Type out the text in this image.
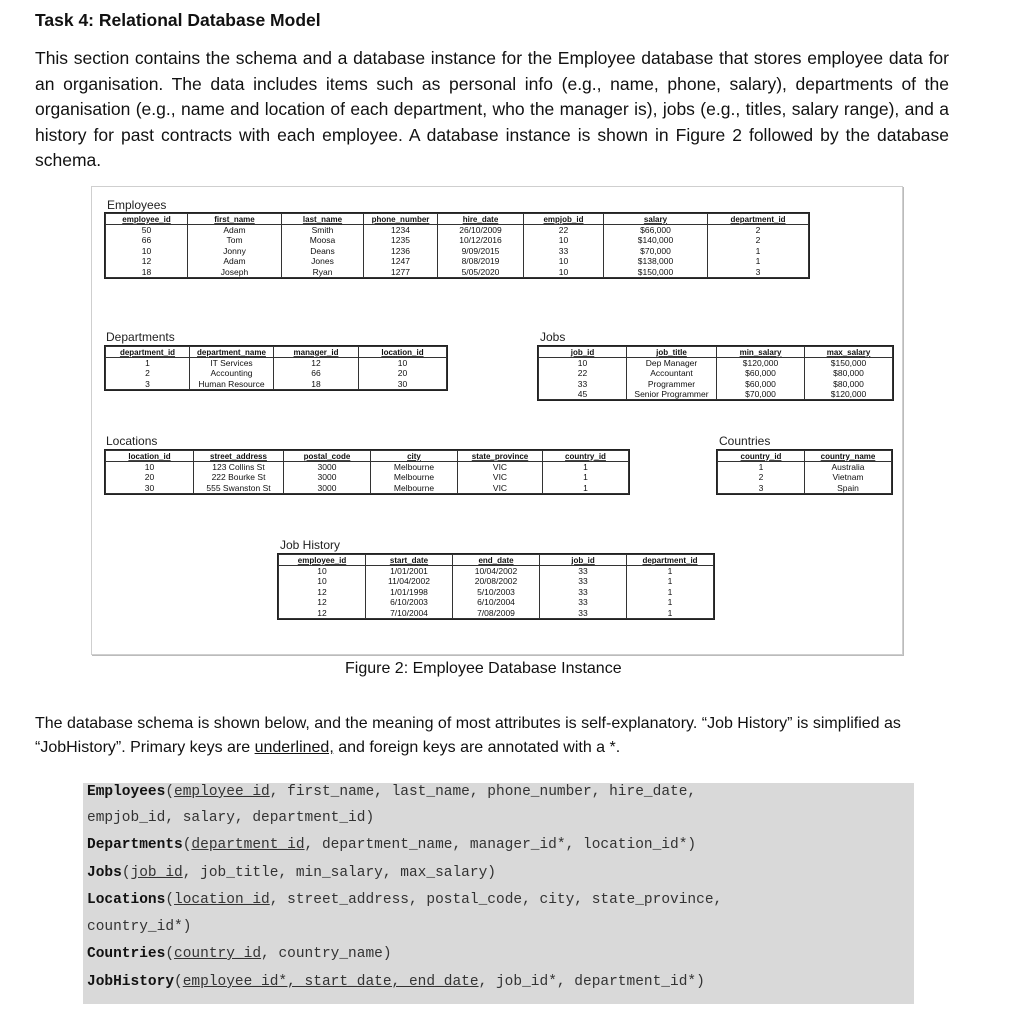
Task 4: Relational Database Model
This section contains the schema and a database instance for the Employee database that stores employee data for an organisation. The data includes items such as personal info (e.g., name, phone, salary), departments of the organisation (e.g., name and location of each department, who the manager is), jobs (e.g., titles, salary range), and a history for past contracts with each employee. A database instance is shown in Figure 2 followed by the database schema.
Employees
employee_id	first_name	last_name	phone_number	hire_date	empjob_id	salary	department_id
50	Adam	Smith	1234	26/10/2009	22	$66,000	2
66	Tom	Moosa	1235	10/12/2016	10	$140,000	2
10	Jonny	Deans	1236	9/09/2015	33	$70,000	1
12	Adam	Jones	1247	8/08/2019	10	$138,000	1
18	Joseph	Ryan	1277	5/05/2020	10	$150,000	3
Departments
department_id	department_name	manager_id	location_id
1	IT Services	12	10
2	Accounting	66	20
3	Human Resource	18	30
Jobs
job_id	job_title	min_salary	max_salary
10	Dep Manager	$120,000	$150,000
22	Accountant	$60,000	$80,000
33	Programmer	$60,000	$80,000
45	Senior Programmer	$70,000	$120,000
Locations
location_id	street_address	postal_code	city	state_province	country_id
10	123 Collins St	3000	Melbourne	VIC	1
20	222 Bourke St	3000	Melbourne	VIC	1
30	555 Swanston St	3000	Melbourne	VIC	1
Countries
country_id	country_name
1	Australia
2	Vietnam
3	Spain
Job History
employee_id	start_date	end_date	job_id	department_id
10	1/01/2001	10/04/2002	33	1
10	11/04/2002	20/08/2002	33	1
12	1/01/1998	5/10/2003	33	1
12	6/10/2003	6/10/2004	33	1
12	7/10/2004	7/08/2009	33	1
Figure 2: Employee Database Instance
The database schema is shown below, and the meaning of most attributes is self-explanatory. “Job History” is simplified as “JobHistory”. Primary keys are underlined, and foreign keys are annotated with a *.
Employees(employee_id, first_name, last_name, phone_number, hire_date,
empjob_id, salary, department_id)
Departments(department_id, department_name, manager_id*, location_id*)
Jobs(job_id, job_title, min_salary, max_salary)
Locations(location_id, street_address, postal_code, city, state_province,
country_id*)
Countries(country_id, country_name)
JobHistory(employee_id*, start_date, end_date, job_id*, department_id*)
